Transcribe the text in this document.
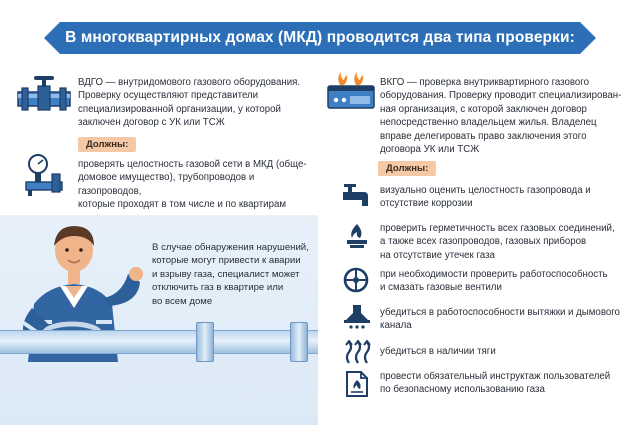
В многоквартирных домах (МКД) проводится два типа проверки:
ВДГО — внутридомового газового оборудования.
Проверку осуществляют представители
специализированной организации, у которой
заключен договор с УК или ТСЖ
Должны:
проверять целостность газовой сети в МКД (обще-
домовое имущество), трубопроводов и газопроводов,
которые проходят в том числе и по квартирам
В случае обнаружения нарушений,
которые могут привести к аварии
и взрыву газа, специалист может
отключить газ в квартире или
во всем доме
ВКГО — проверка внутриквартирного газового
оборудования. Проверку проводит специализирован-
ная организация, с которой заключен договор
непосредственно владельцем жилья. Владелец
вправе делегировать право заключения этого
договора УК или ТСЖ
Должны:
визуально оценить целостность газопровода и
отсутствие коррозии
проверить герметичность всех газовых соединений,
а также всех газопроводов, газовых приборов
на отсутствие утечек газа
при необходимости проверить работоспособность
и смазать газовые вентили
убедиться в работоспособности вытяжки и дымового
канала
убедиться в наличии тяги
провести обязательный инструктаж пользователей
по безопасному использованию газа
